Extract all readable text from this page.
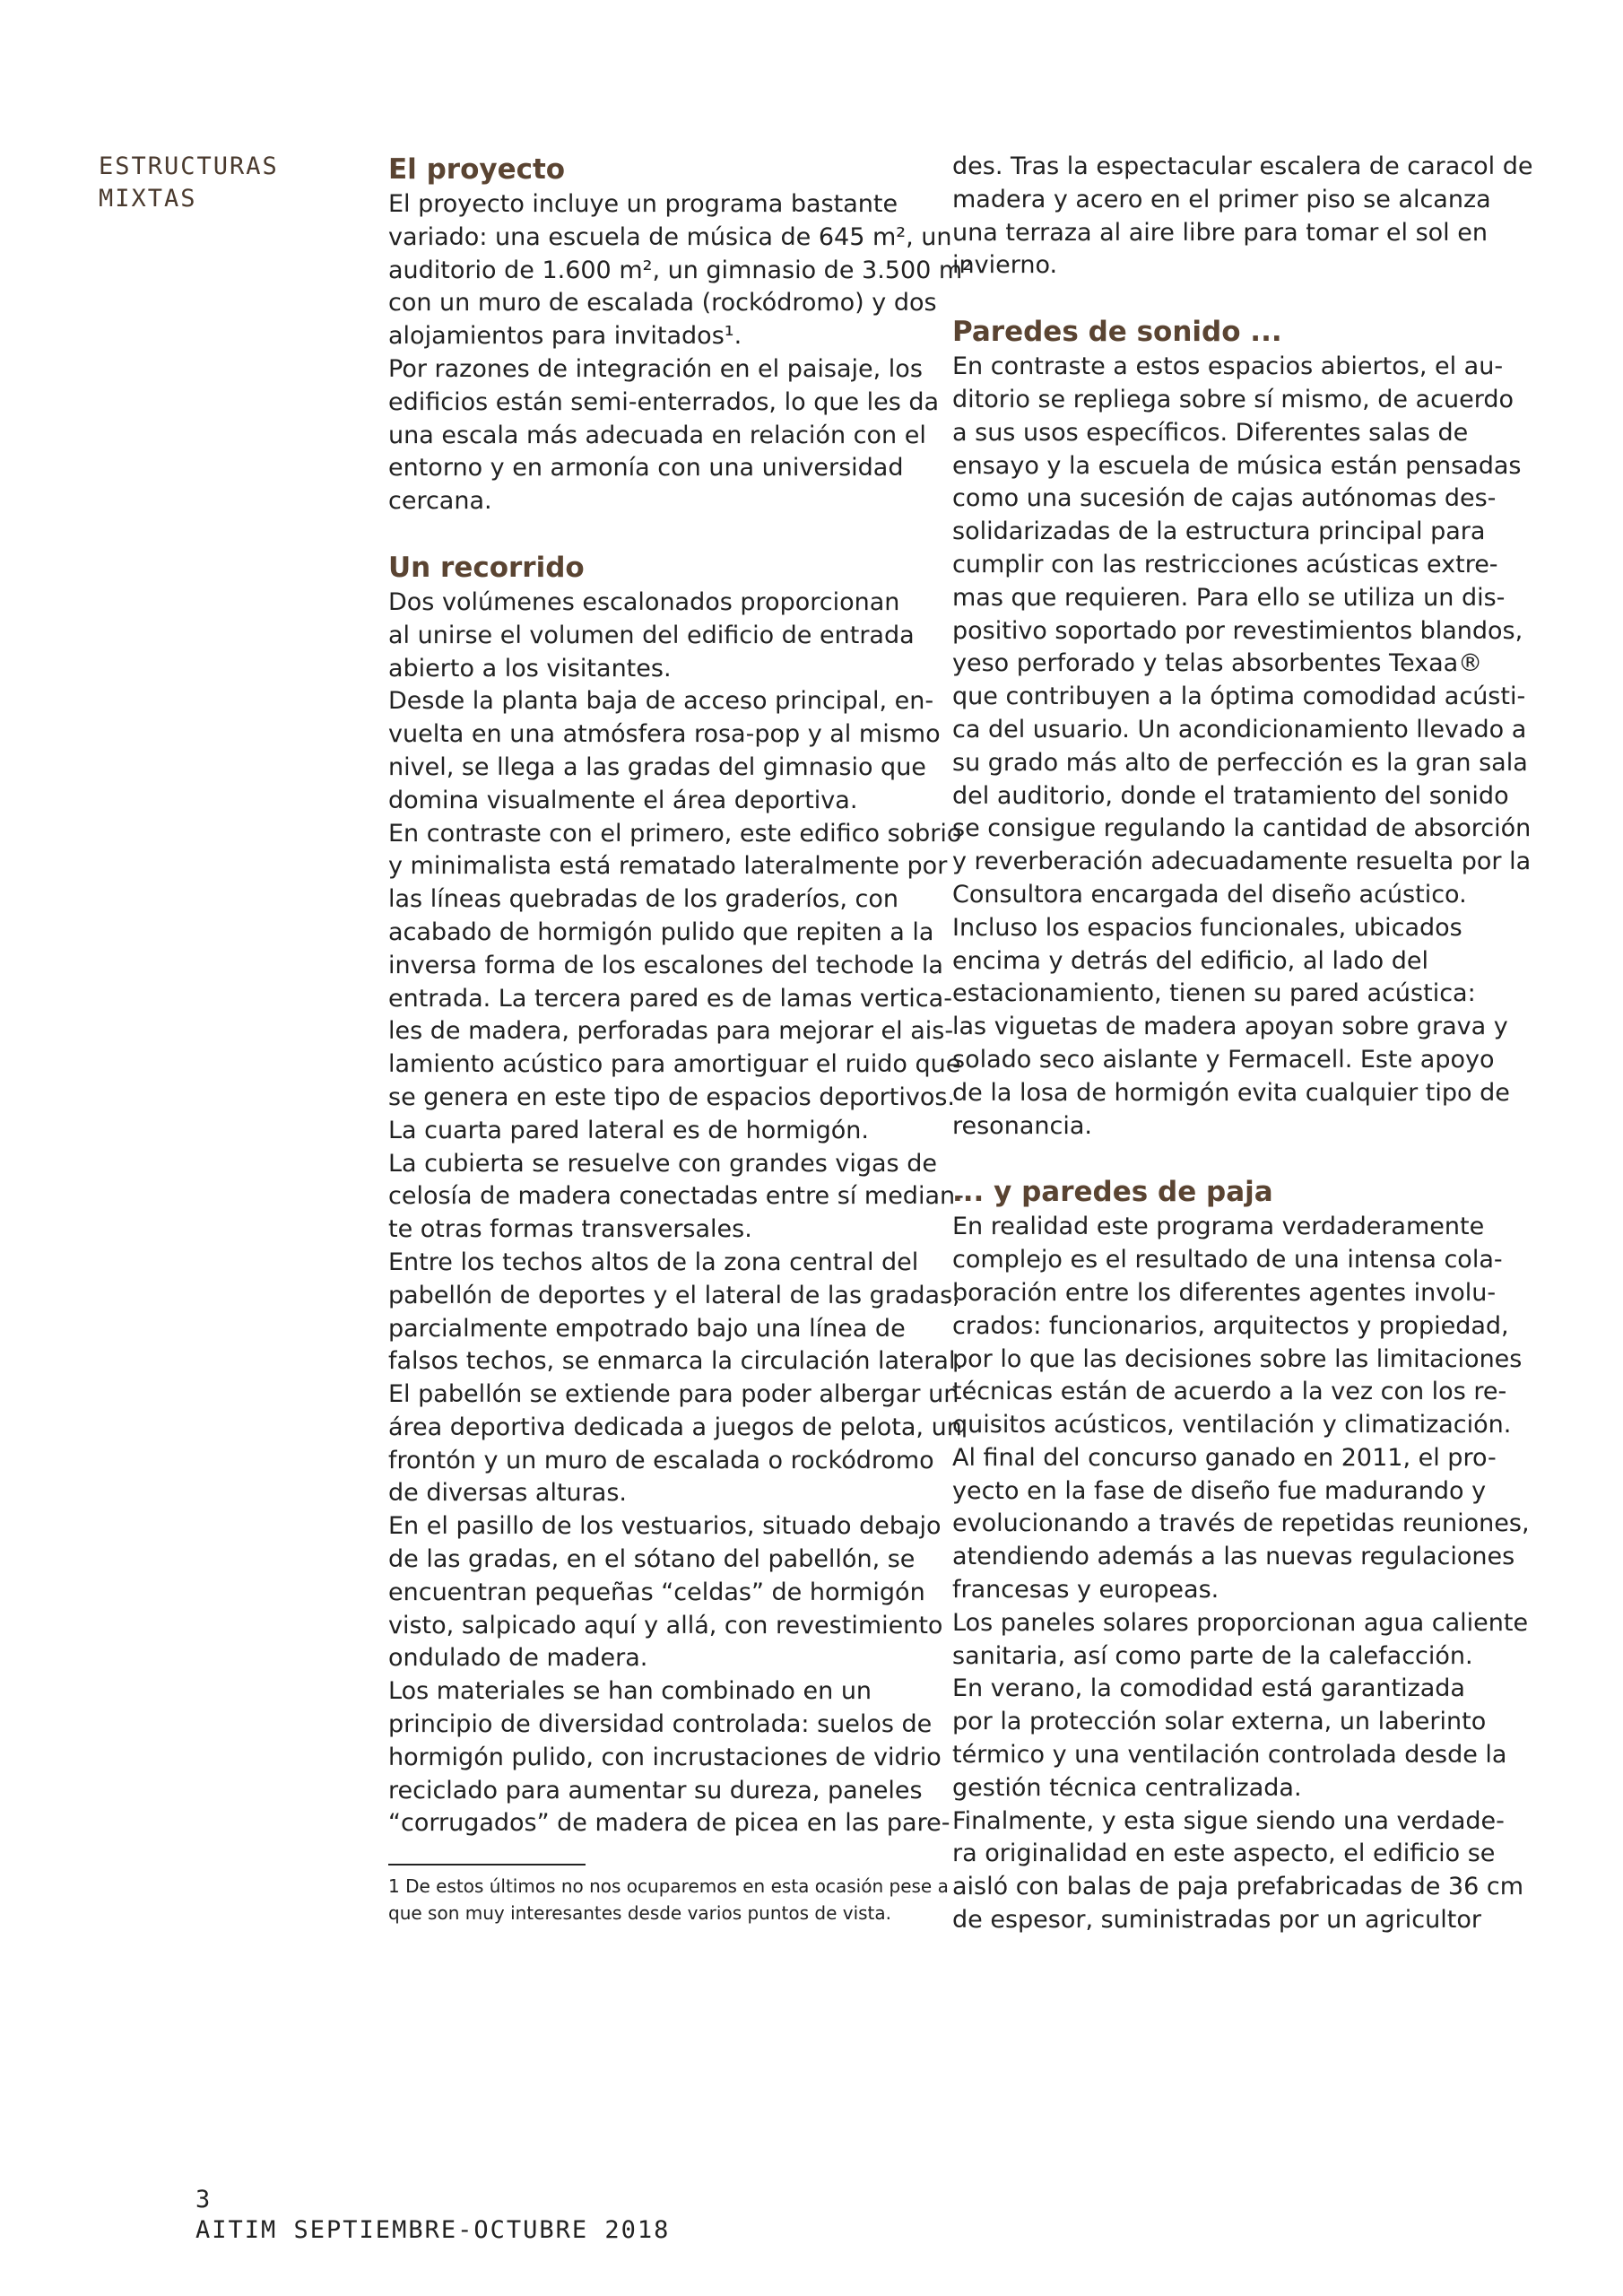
ESTRUCTURAS
MIXTAS
El proyecto
El proyecto incluye un programa bastante
variado: una escuela de música de 645 m², un
auditorio de 1.600 m², un gimnasio de 3.500 m²
con un muro de escalada (rockódromo) y dos
alojamientos para invitados¹.
Por razones de integración en el paisaje, los
edificios están semi-enterrados, lo que les da
una escala más adecuada en relación con el
entorno y en armonía con una universidad
cercana.
Un recorrido
Dos volúmenes escalonados proporcionan
al unirse el volumen del edificio de entrada
abierto a los visitantes.
Desde la planta baja de acceso principal, en-
vuelta en una atmósfera rosa-pop y al mismo
nivel, se llega a las gradas del gimnasio que
domina visualmente el área deportiva.
En contraste con el primero, este edifico sobrio
y minimalista está rematado lateralmente por
las líneas quebradas de los graderíos, con
acabado de hormigón pulido que repiten a la
inversa forma de los escalones del techode la
entrada. La tercera pared es de lamas vertica-
les de madera, perforadas para mejorar el ais-
lamiento acústico para amortiguar el ruido que
se genera en este tipo de espacios deportivos.
La cuarta pared lateral es de hormigón.
La cubierta se resuelve con grandes vigas de
celosía de madera conectadas entre sí median-
te otras formas transversales.
Entre los techos altos de la zona central del
pabellón de deportes y el lateral de las gradas,
parcialmente empotrado bajo una línea de
falsos techos, se enmarca la circulación lateral.
El pabellón se extiende para poder albergar un
área deportiva dedicada a juegos de pelota, un
frontón y un muro de escalada o rockódromo
de diversas alturas.
En el pasillo de los vestuarios, situado debajo
de las gradas, en el sótano del pabellón, se
encuentran pequeñas “celdas” de hormigón
visto, salpicado aquí y allá, con revestimiento
ondulado de madera.
Los materiales se han combinado en un
principio de diversidad controlada: suelos de
hormigón pulido, con incrustaciones de vidrio
reciclado para aumentar su dureza, paneles
“corrugados” de madera de picea en las pare-
1 De estos últimos no nos ocuparemos en esta ocasión pese a
que son muy interesantes desde varios puntos de vista.
des. Tras la espectacular escalera de caracol de
madera y acero en el primer piso se alcanza
una terraza al aire libre para tomar el sol en
invierno.
Paredes de sonido ...
En contraste a estos espacios abiertos, el au-
ditorio se repliega sobre sí mismo, de acuerdo
a sus usos específicos. Diferentes salas de
ensayo y la escuela de música están pensadas
como una sucesión de cajas autónomas des-
solidarizadas de la estructura principal para
cumplir con las restricciones acústicas extre-
mas que requieren. Para ello se utiliza un dis-
positivo soportado por revestimientos blandos,
yeso perforado y telas absorbentes Texaa®
que contribuyen a la óptima comodidad acústi-
ca del usuario. Un acondicionamiento llevado a
su grado más alto de perfección es la gran sala
del auditorio, donde el tratamiento del sonido
se consigue regulando la cantidad de absorción
y reverberación adecuadamente resuelta por la
Consultora encargada del diseño acústico.
Incluso los espacios funcionales, ubicados
encima y detrás del edificio, al lado del
estacionamiento, tienen su pared acústica:
las viguetas de madera apoyan sobre grava y
solado seco aislante y Fermacell. Este apoyo
de la losa de hormigón evita cualquier tipo de
resonancia.
... y paredes de paja
En realidad este programa verdaderamente
complejo es el resultado de una intensa cola-
boración entre los diferentes agentes involu-
crados: funcionarios, arquitectos y propiedad,
por lo que las decisiones sobre las limitaciones
técnicas están de acuerdo a la vez con los re-
quisitos acústicos, ventilación y climatización.
Al final del concurso ganado en 2011, el pro-
yecto en la fase de diseño fue madurando y
evolucionando a través de repetidas reuniones,
atendiendo además a las nuevas regulaciones
francesas y europeas.
Los paneles solares proporcionan agua caliente
sanitaria, así como parte de la calefacción.
En verano, la comodidad está garantizada
por la protección solar externa, un laberinto
térmico y una ventilación controlada desde la
gestión técnica centralizada.
Finalmente, y esta sigue siendo una verdade-
ra originalidad en este aspecto, el edificio se
aisló con balas de paja prefabricadas de 36 cm
de espesor, suministradas por un agricultor
3
AITIM SEPTIEMBRE-OCTUBRE 2018
